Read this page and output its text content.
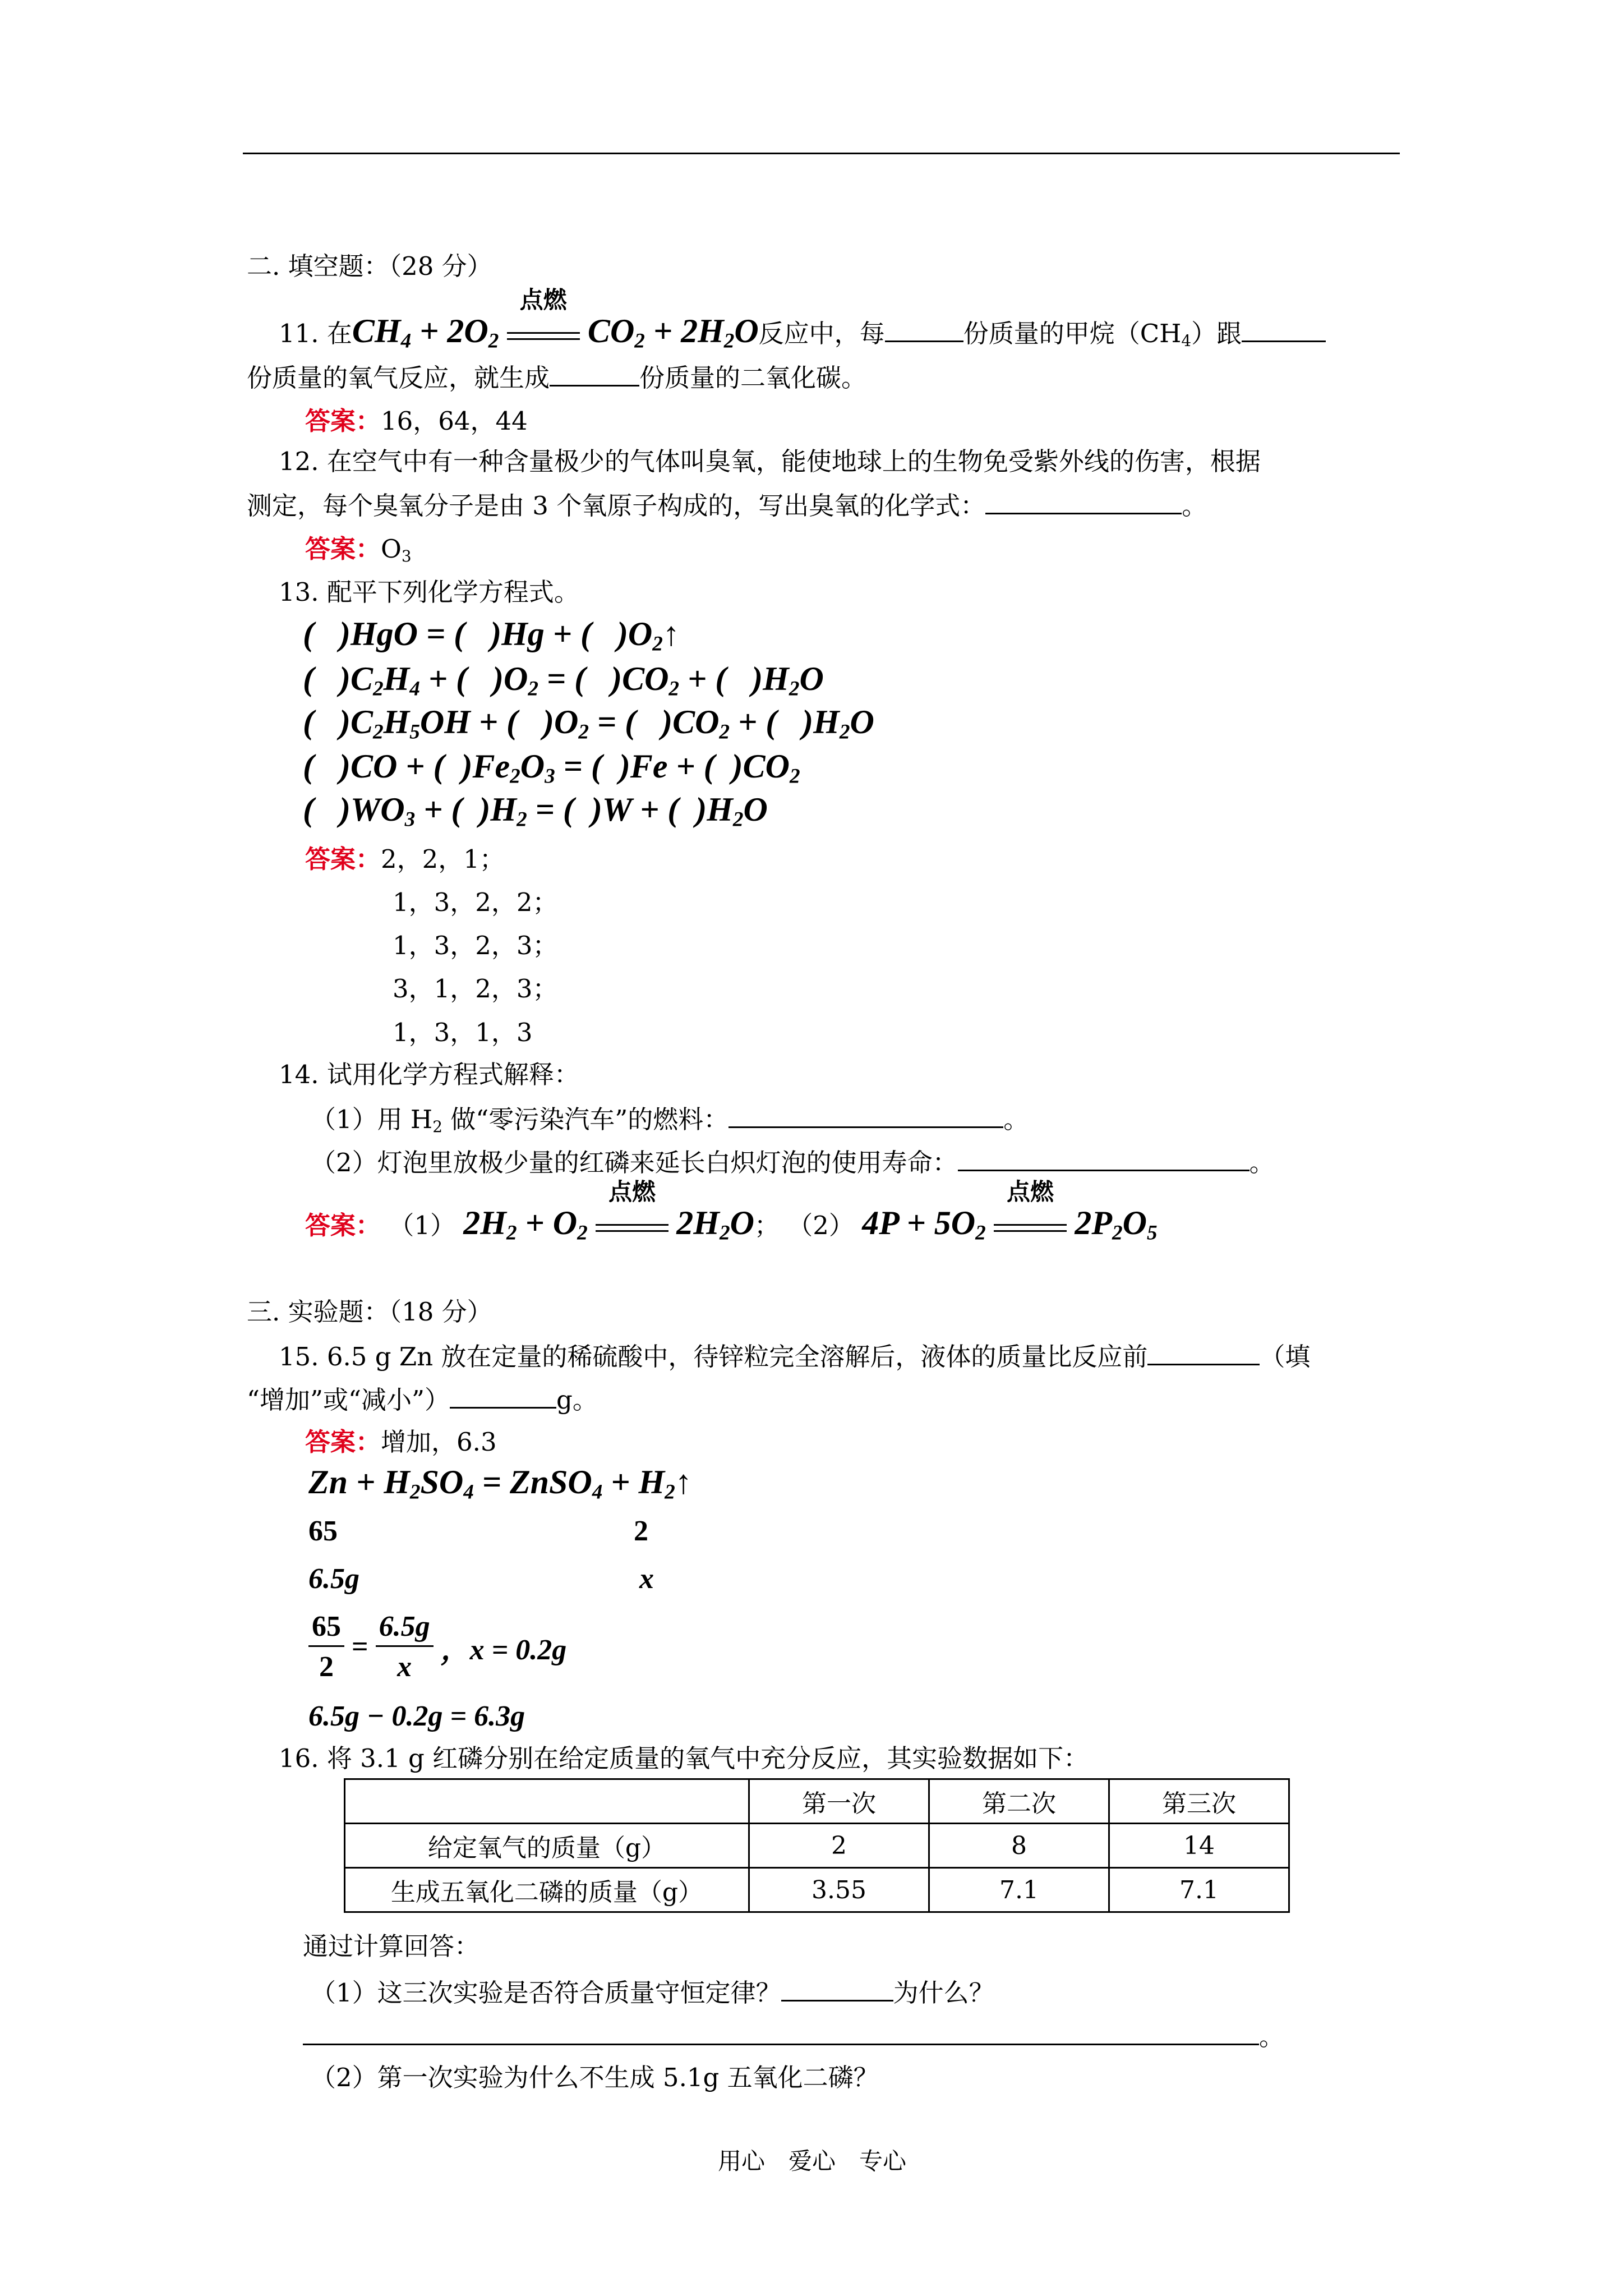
二. 填空题：（28 分）
11. 在$CH_4 + 2O_2$
点燃
$CO_2 + 2H_2O$反应中，每	份质量的甲烷$(CH_4)$跟
份质量的氧气反应，就生成	份质量的二氧化碳。
答案：16，64，44
12. 在空气中有一种含量极少的气体叫臭氧，能使地球上的生物免受紫外线的伤害，根据
测定，每个臭氧分子是由 3 个氧原子构成的，写出臭氧的化学式：	。
答案：$O_3$
13. 配平下列化学方程式。
(   )HgO = (   )Hg + (   )$O_2↑$
(   )$C_2H_4$ + (   )$O_2$ = (   )$CO_2$ + (   )$H_2O$
(   )$C_2H_5OH$ + (   )$O_2$ = (   )$CO_2$ + (   )$H_2O$
(   )CO + (  )$Fe_2O_3$ = (  )Fe + (  )$CO_2$
(   )$WO_3$ + (  )$H_2$ = (  )W + (  )$H_2O$
答案：2，2，1；
1，3，2，2；
1，3，2，3；
3，1，2，3；
1，3，1，3
14. 试用化学方程式解释：
（1）用 $H_2$ 做“零污染汽车”的燃料：	。
（2）灯泡里放极少量的红磷来延长白炽灯泡的使用寿命：	。
答案： （1） $2H_2 + O_2$
点燃
$2H_2O$； （2） $4P + 5O_2$
点燃
$2P_2O_5$
三. 实验题：（18 分）
15. 6.5 g Zn 放在定量的稀硫酸中，待锌粒完全溶解后，液体的质量比反应前	（填
“增加”或“减小”）	g。
答案：增加，6.3
$Zn + H_2SO_4$ = ZnSO$_4$ + $H_2↑$
65	2
6.5g	x
$\frac{65}{2} = \frac{6.5g}{x}$ ，x = 0.2g
6.5g − 0.2g = 6.3g
16. 将 3.1 g 红磷分别在给定质量的氧气中充分反应，其实验数据如下：
	第一次	第二次	第三次
给定氧气的质量（g）	2	8	14
生成五氧化二磷的质量（g）	3.55	7.1	7.1
通过计算回答：
（1）这三次实验是否符合质量守恒定律？	为什么？
。
（2）第一次实验为什么不生成 5.1g 五氧化二磷？
用心　爱心　专心
